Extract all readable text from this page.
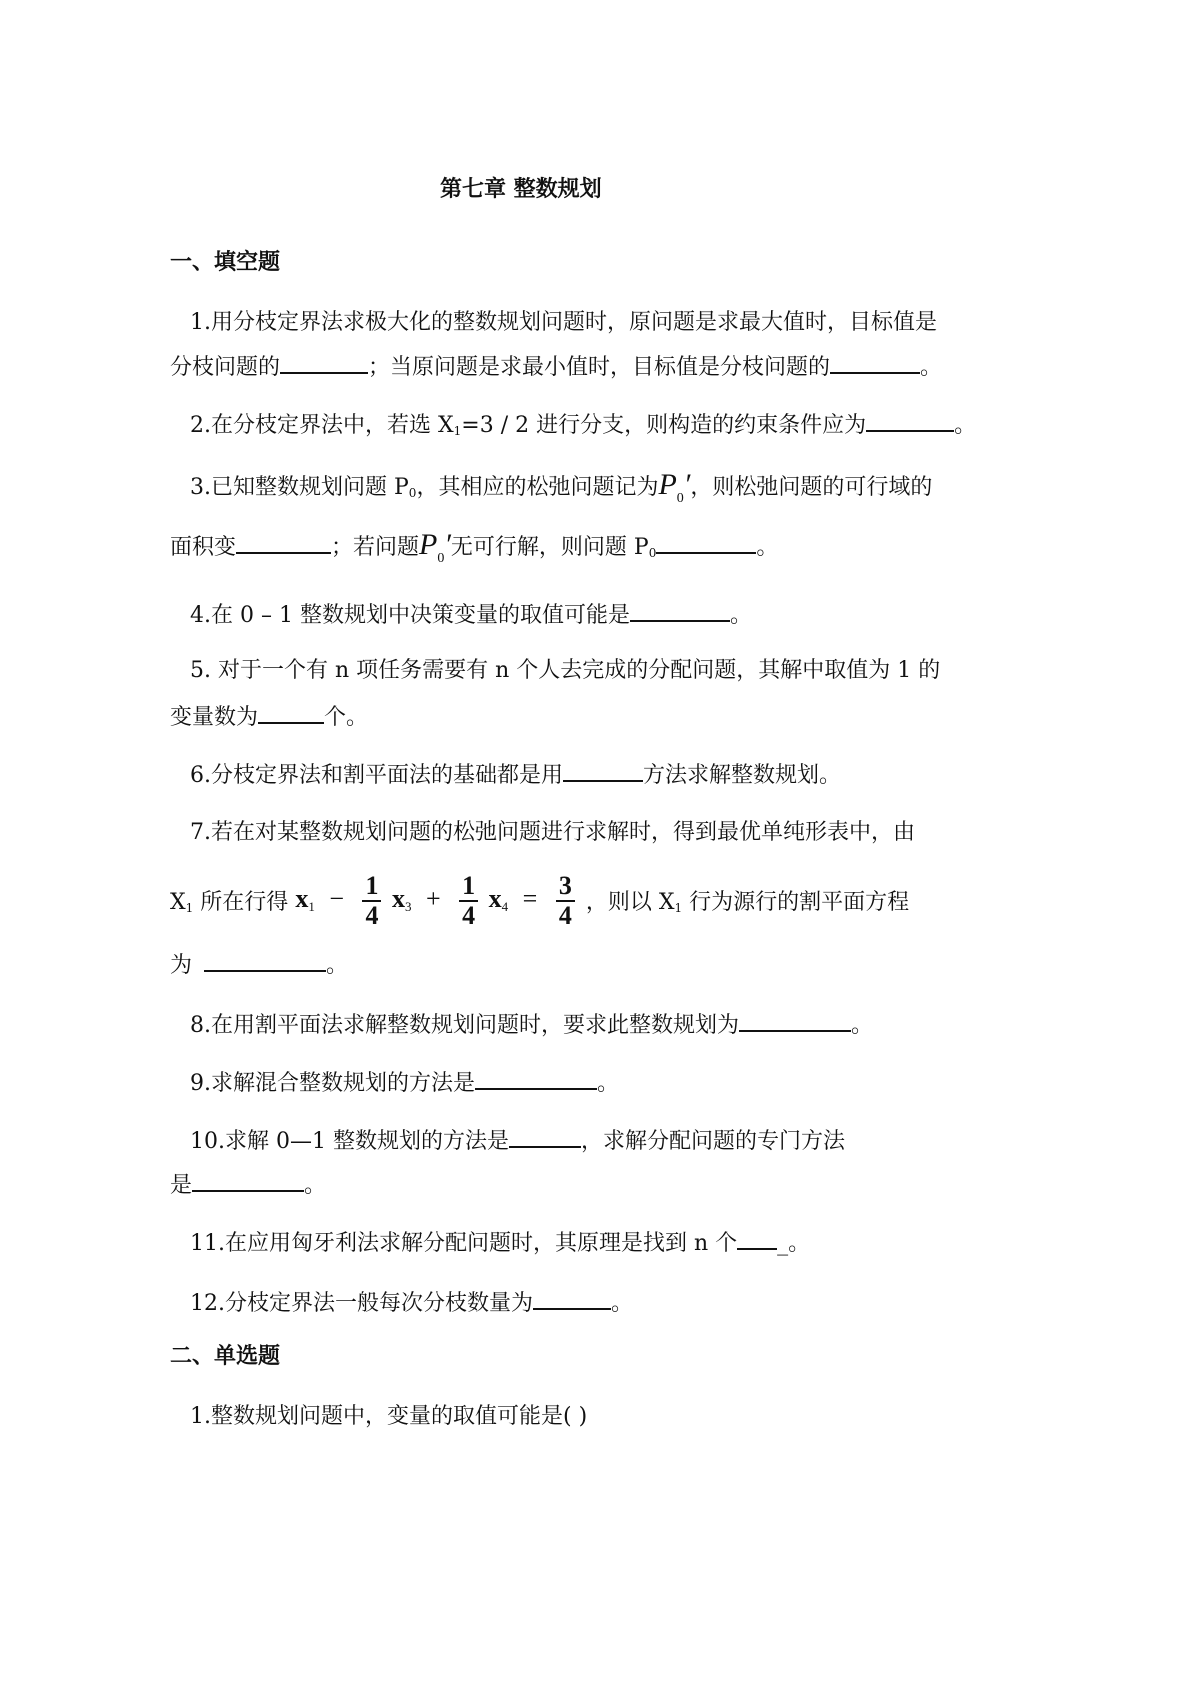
第七章 整数规划
一、填空题
1.用分枝定界法求极大化的整数规划问题时，原问题是求最大值时，目标值是
分枝问题的	；当原问题是求最小值时，目标值是分枝问题的	。
2.在分枝定界法中，若选 $X_1=3 / 2$ 进行分支，则构造的约束条件应为	。
3.已知整数规划问题 $P_0$，其相应的松弛问题记为$P_0'$，则松弛问题的可行域的
面积变	；若问题$P_0'$无可行解，则问题 $P_0$	。
4.在 0 – 1 整数规划中决策变量的取值可能是	。
5. 对于一个有 n 项任务需要有 n 个人去完成的分配问题，其解中取值为 1 的
变量数为	个。
6.分枝定界法和割平面法的基础都是用	方法求解整数规划。
7.若在对某整数规划问题的松弛问题进行求解时，得到最优单纯形表中，由
$X_1$ 所在行得 $x1 - \frac{1}{4} x3 + \frac{1}{4} x4 = \frac{3}{4}$ ，则以 $X_1$ 行为源行的割平面方程
为	。
8.在用割平面法求解整数规划问题时，要求此整数规划为	。
9.求解混合整数规划的方法是	。
10.求解 0—1 整数规划的方法是	，求解分配问题的专门方法
是	。
11.在应用匈牙利法求解分配问题时，其原理是找到 n 个 _。
12.分枝定界法一般每次分枝数量为	。
二、单选题
1.整数规划问题中，变量的取值可能是( )
